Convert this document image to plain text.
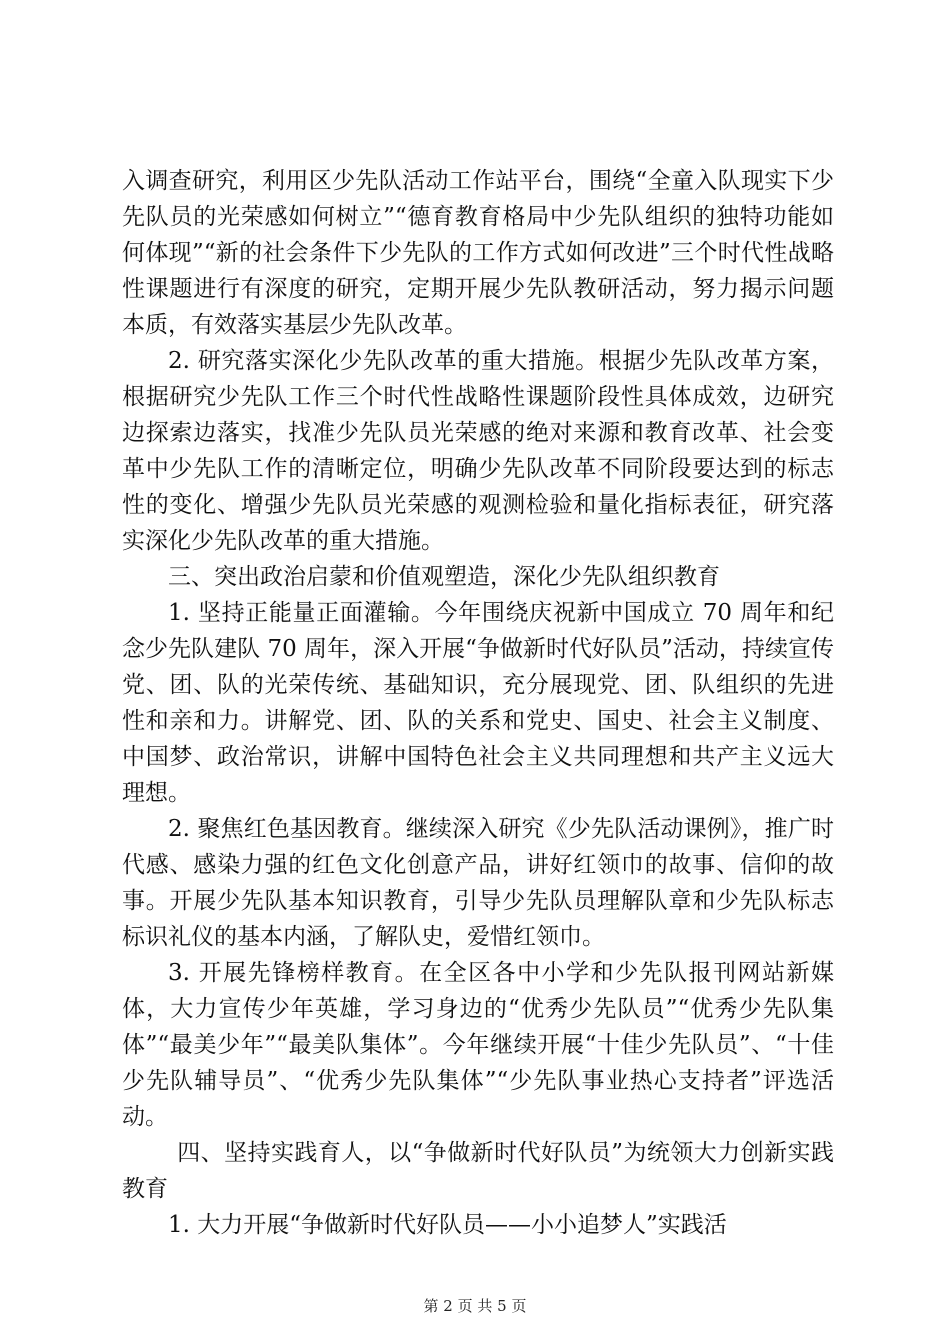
入调查研究，利用区少先队活动工作站平台，围绕“全童入队现实下少先队员的光荣感如何树立”“德育教育格局中少先队组织的独特功能如何体现”“新的社会条件下少先队的工作方式如何改进”三个时代性战略性课题进行有深度的研究，定期开展少先队教研活动，努力揭示问题本质，有效落实基层少先队改革。

2. 研究落实深化少先队改革的重大措施。根据少先队改革方案，根据研究少先队工作三个时代性战略性课题阶段性具体成效，边研究边探索边落实，找准少先队员光荣感的绝对来源和教育改革、社会变革中少先队工作的清晰定位，明确少先队改革不同阶段要达到的标志性的变化、增强少先队员光荣感的观测检验和量化指标表征，研究落实深化少先队改革的重大措施。

三、突出政治启蒙和价值观塑造，深化少先队组织教育

1. 坚持正能量正面灌输。今年围绕庆祝新中国成立 70 周年和纪念少先队建队 70 周年，深入开展“争做新时代好队员”活动，持续宣传党、团、队的光荣传统、基础知识，充分展现党、团、队组织的先进性和亲和力。讲解党、团、队的关系和党史、国史、社会主义制度、中国梦、政治常识，讲解中国特色社会主义共同理想和共产主义远大理想。

2. 聚焦红色基因教育。继续深入研究《少先队活动课例》，推广时代感、感染力强的红色文化创意产品，讲好红领巾的故事、信仰的故事。开展少先队基本知识教育，引导少先队员理解队章和少先队标志标识礼仪的基本内涵，了解队史，爱惜红领巾。

3. 开展先锋榜样教育。在全区各中小学和少先队报刊网站新媒体，大力宣传少年英雄，学习身边的“优秀少先队员”“优秀少先队集体”“最美少年”“最美队集体”。今年继续开展“十佳少先队员”、“十佳少先队辅导员”、“优秀少先队集体”“少先队事业热心支持者”评选活动。

四、坚持实践育人，以“争做新时代好队员”为统领大力创新实践教育

1. 大力开展“争做新时代好队员——小小追梦人”实践活

第 2 页 共 5 页
